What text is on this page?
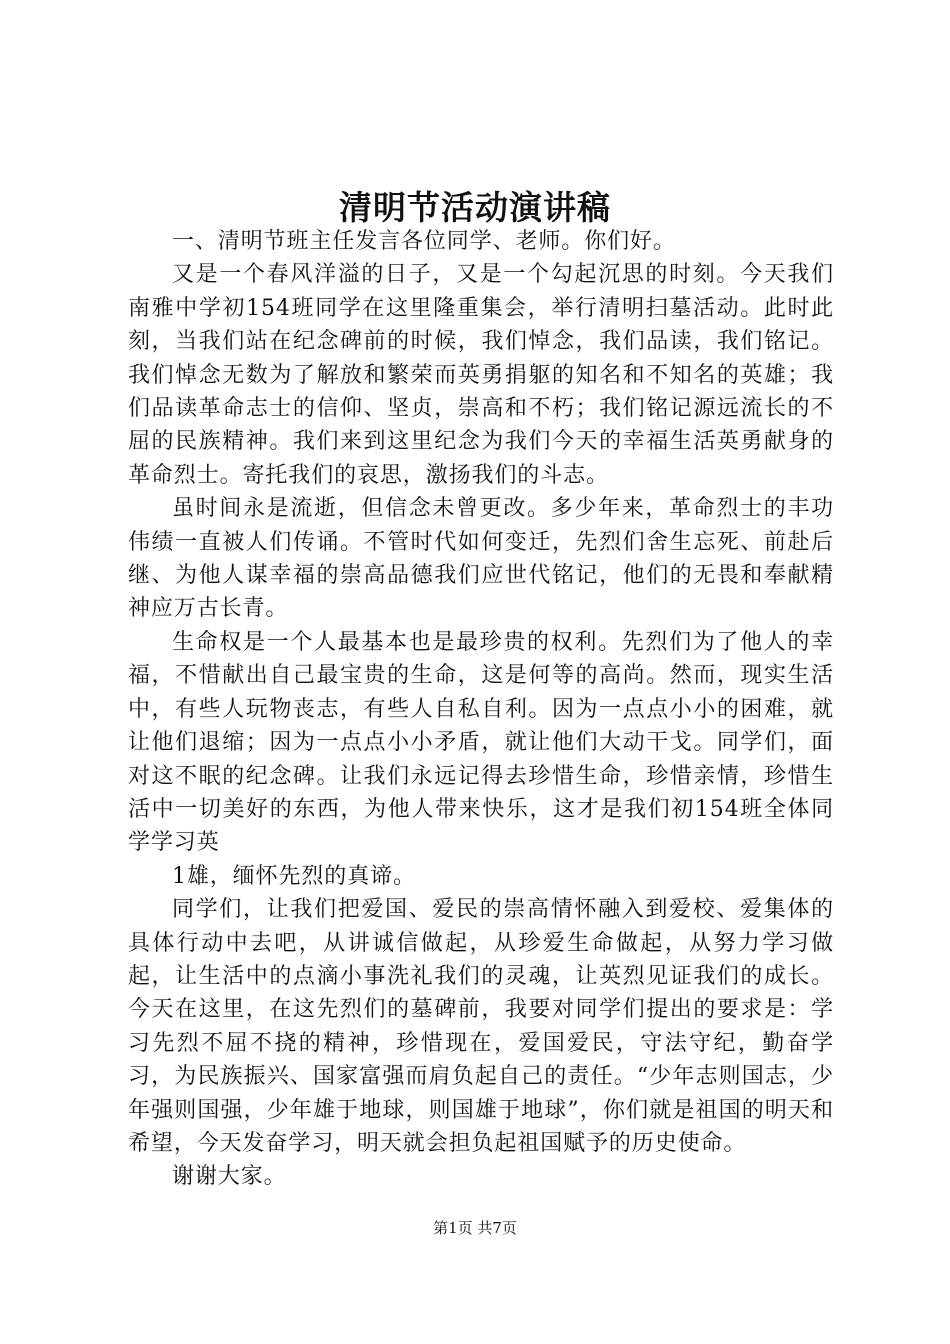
清明节活动演讲稿

一、清明节班主任发言各位同学、老师。你们好。

又是一个春风洋溢的日子，又是一个勾起沉思的时刻。今天我们南雅中学初154班同学在这里隆重集会，举行清明扫墓活动。此时此刻，当我们站在纪念碑前的时候，我们悼念，我们品读，我们铭记。我们悼念无数为了解放和繁荣而英勇捐躯的知名和不知名的英雄；我们品读革命志士的信仰、坚贞，崇高和不朽；我们铭记源远流长的不屈的民族精神。我们来到这里纪念为我们今天的幸福生活英勇献身的革命烈士。寄托我们的哀思，激扬我们的斗志。

虽时间永是流逝，但信念未曾更改。多少年来，革命烈士的丰功伟绩一直被人们传诵。不管时代如何变迁，先烈们舍生忘死、前赴后继、为他人谋幸福的崇高品德我们应世代铭记，他们的无畏和奉献精神应万古长青。

生命权是一个人最基本也是最珍贵的权利。先烈们为了他人的幸福，不惜献出自己最宝贵的生命，这是何等的高尚。然而，现实生活中，有些人玩物丧志，有些人自私自利。因为一点点小小的困难，就让他们退缩；因为一点点小小矛盾，就让他们大动干戈。同学们，面对这不眠的纪念碑。让我们永远记得去珍惜生命，珍惜亲情，珍惜生活中一切美好的东西，为他人带来快乐，这才是我们初154班全体同学学习英

1雄，缅怀先烈的真谛。

同学们，让我们把爱国、爱民的崇高情怀融入到爱校、爱集体的具体行动中去吧，从讲诚信做起，从珍爱生命做起，从努力学习做起，让生活中的点滴小事洗礼我们的灵魂，让英烈见证我们的成长。今天在这里，在这先烈们的墓碑前，我要对同学们提出的要求是：学习先烈不屈不挠的精神，珍惜现在，爱国爱民，守法守纪，勤奋学习，为民族振兴、国家富强而肩负起自己的责任。“少年志则国志，少年强则国强，少年雄于地球，则国雄于地球”，你们就是祖国的明天和希望，今天发奋学习，明天就会担负起祖国赋予的历史使命。

谢谢大家。

第1页 共7页
